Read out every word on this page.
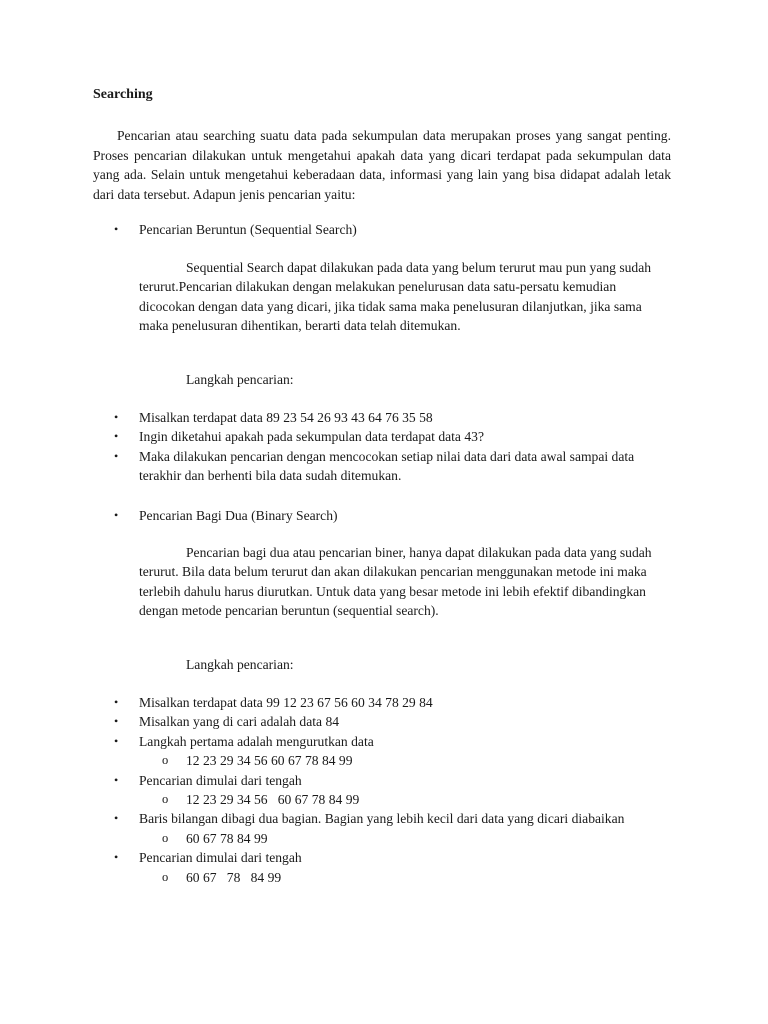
Searching

Pencarian atau searching suatu data pada sekumpulan data merupakan proses yang sangat penting. Proses pencarian dilakukan untuk mengetahui apakah data yang dicari terdapat pada sekumpulan data yang ada. Selain untuk mengetahui keberadaan data, informasi yang lain yang bisa didapat adalah letak dari data tersebut. Adapun jenis pencarian yaitu:

• Pencarian Beruntun (Sequential Search)

Sequential Search dapat dilakukan pada data yang belum terurut mau pun yang sudah terurut.Pencarian dilakukan dengan melakukan penelurusan data satu-persatu kemudian dicocokan dengan data yang dicari, jika tidak sama maka penelusuran dilanjutkan, jika sama maka penelusuran dihentikan, berarti data telah ditemukan.

Langkah pencarian:

• Misalkan terdapat data 89 23 54 26 93 43 64 76 35 58
• Ingin diketahui apakah pada sekumpulan data terdapat data 43?
• Maka dilakukan pencarian dengan mencocokan setiap nilai data dari data awal sampai data terakhir dan berhenti bila data sudah ditemukan.
• Pencarian Bagi Dua (Binary Search)

Pencarian bagi dua atau pencarian biner, hanya dapat dilakukan pada data yang sudah terurut. Bila data belum terurut dan akan dilakukan pencarian menggunakan metode ini maka terlebih dahulu harus diurutkan. Untuk data yang besar metode ini lebih efektif dibandingkan dengan metode pencarian beruntun (sequential search).

Langkah pencarian:

• Misalkan terdapat data 99 12 23 67 56 60 34 78 29 84
• Misalkan yang di cari adalah data 84
• Langkah pertama adalah mengurutkan data
o 12 23 29 34 56 60 67 78 84 99
• Pencarian dimulai dari tengah
o 12 23 29 34 56   60 67 78 84 99
• Baris bilangan dibagi dua bagian. Bagian yang lebih kecil dari data yang dicari diabaikan
o 60 67 78 84 99
• Pencarian dimulai dari tengah
o 60 67   78   84 99
